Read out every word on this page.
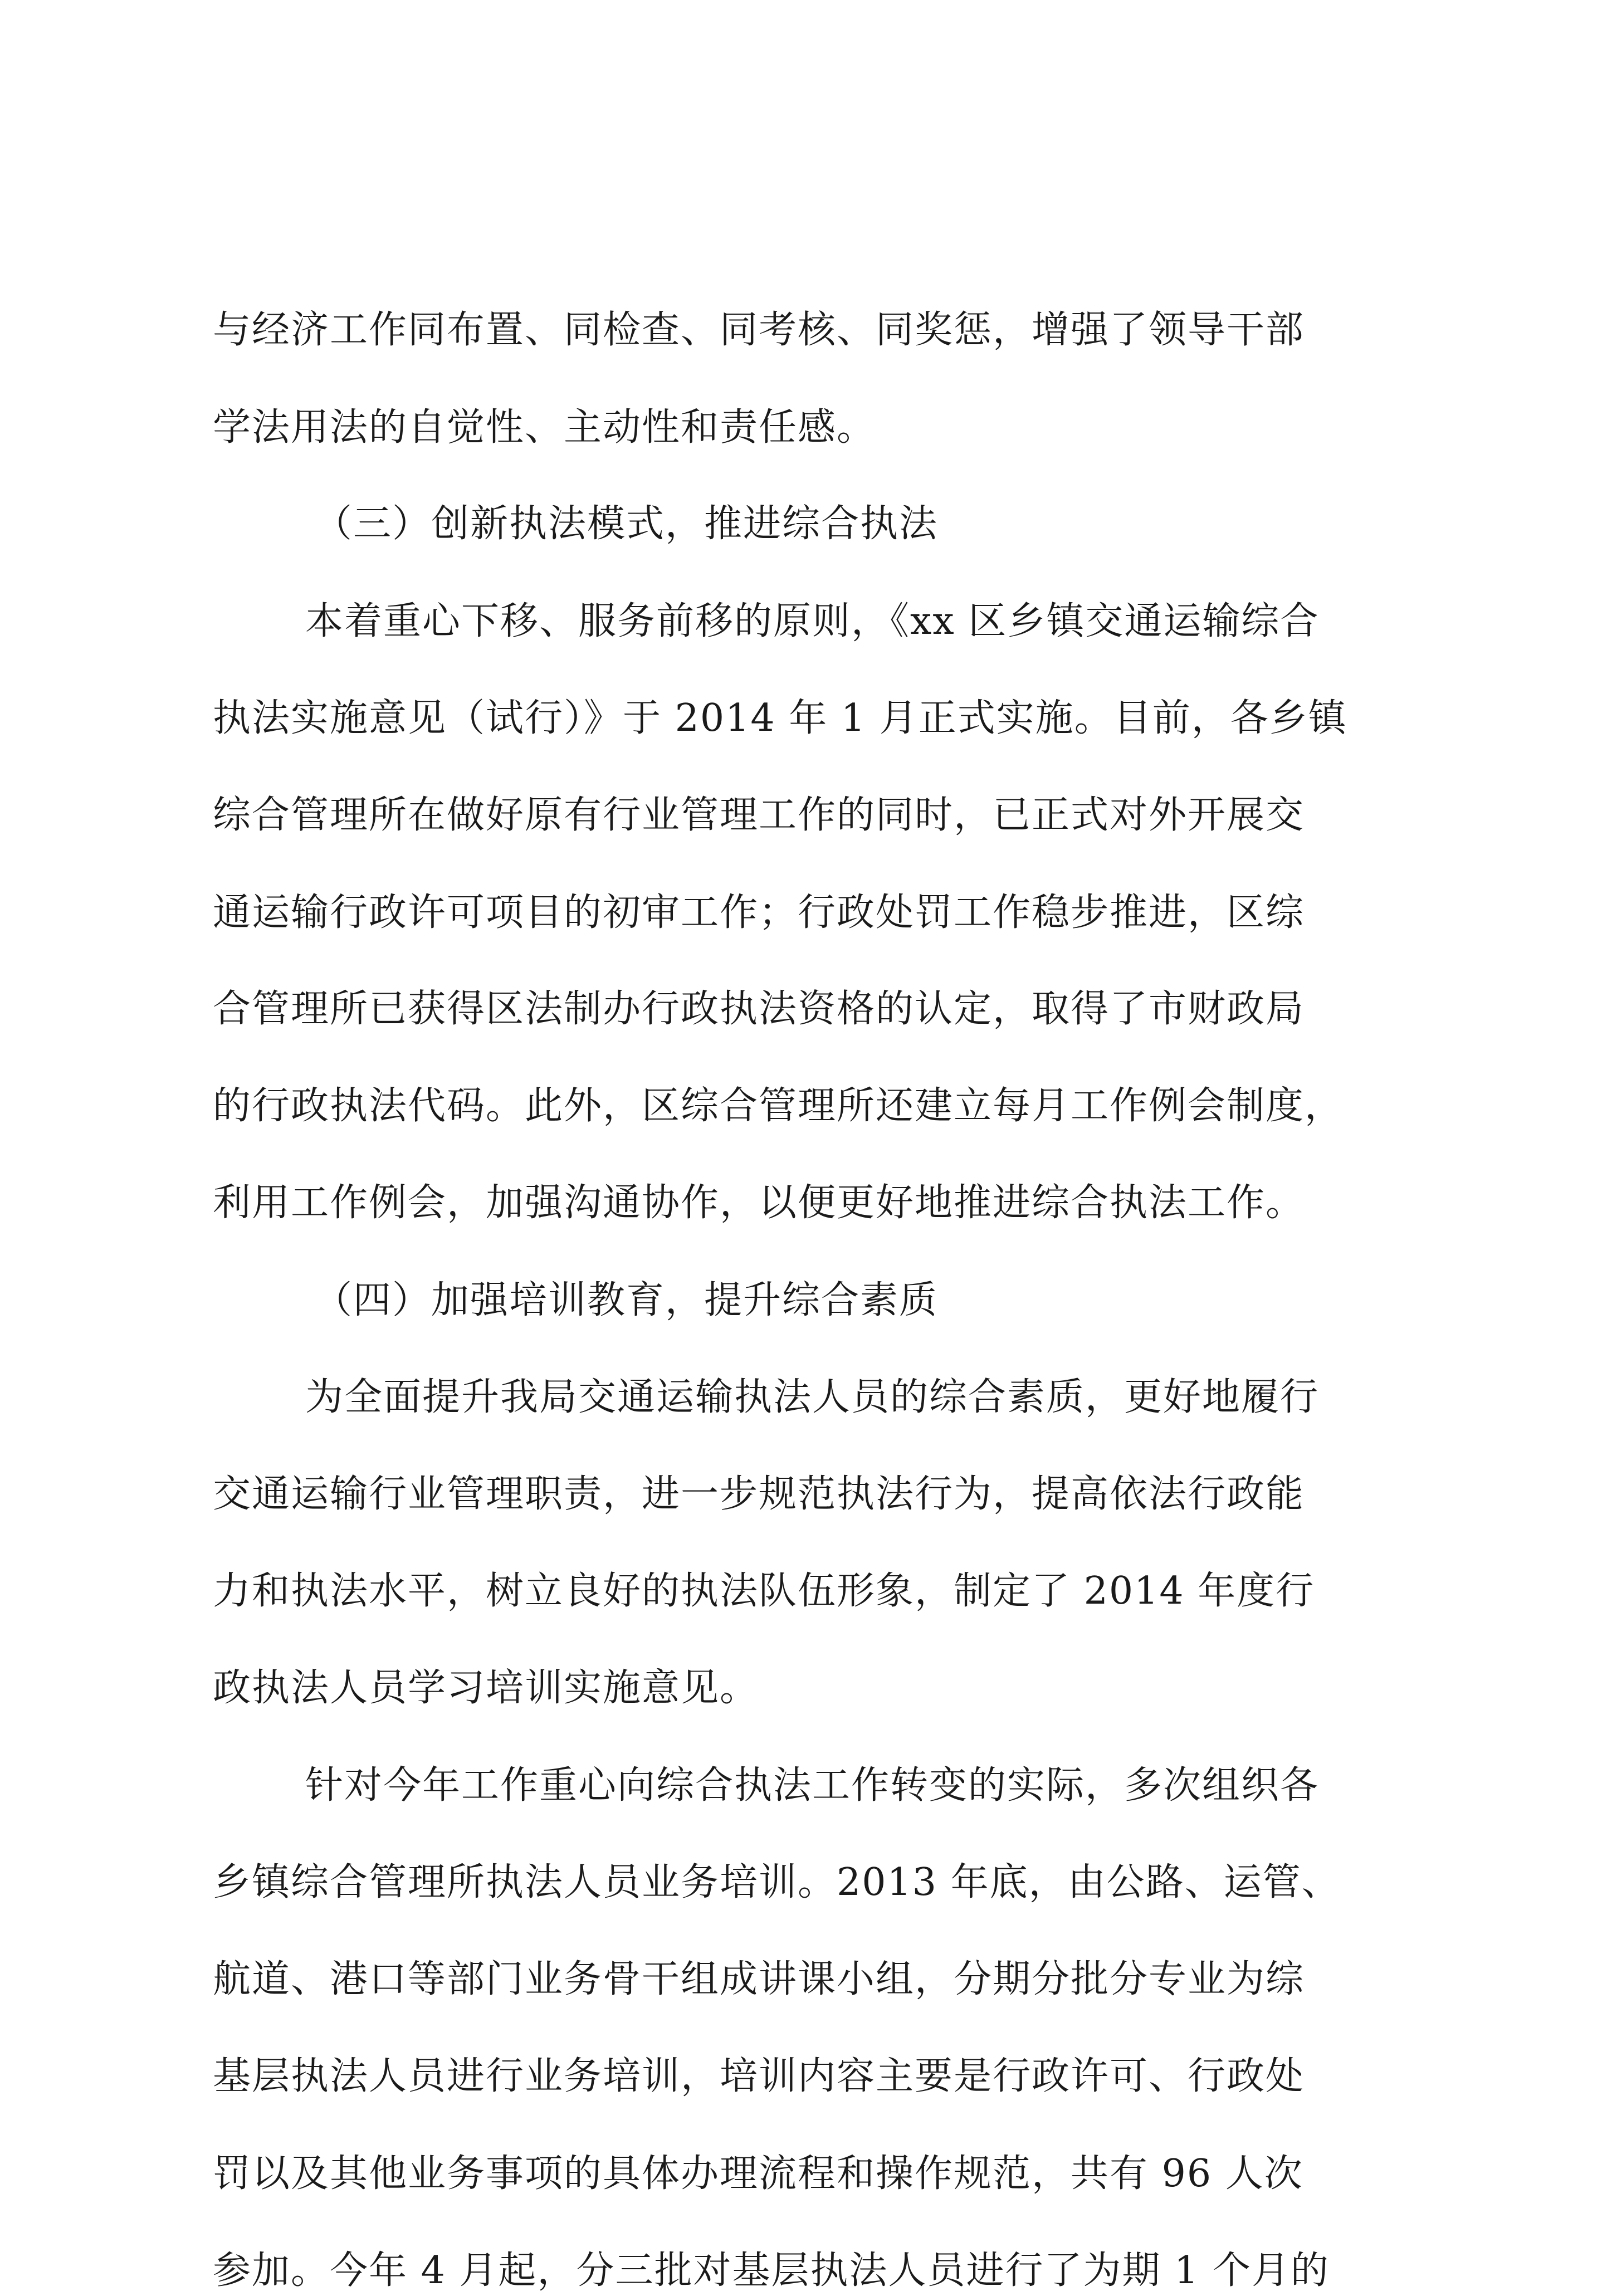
与经济工作同布置、同检查、同考核、同奖惩，增强了领导干部
学法用法的自觉性、主动性和责任感。
（三）创新执法模式，推进综合执法
本着重心下移、服务前移的原则，《xx 区乡镇交通运输综合
执法实施意见（试行）》于 2014 年 1 月正式实施。目前，各乡镇
综合管理所在做好原有行业管理工作的同时，已正式对外开展交
通运输行政许可项目的初审工作；行政处罚工作稳步推进，区综
合管理所已获得区法制办行政执法资格的认定，取得了市财政局
的行政执法代码。此外，区综合管理所还建立每月工作例会制度，
利用工作例会，加强沟通协作，以便更好地推进综合执法工作。
（四）加强培训教育，提升综合素质
为全面提升我局交通运输执法人员的综合素质，更好地履行
交通运输行业管理职责，进一步规范执法行为，提高依法行政能
力和执法水平，树立良好的执法队伍形象，制定了 2014 年度行
政执法人员学习培训实施意见。
针对今年工作重心向综合执法工作转变的实际，多次组织各
乡镇综合管理所执法人员业务培训。2013 年底，由公路、运管、
航道、港口等部门业务骨干组成讲课小组，分期分批分专业为综
基层执法人员进行业务培训，培训内容主要是行政许可、行政处
罚以及其他业务事项的具体办理流程和操作规范，共有 96 人次
参加。今年 4 月起，分三批对基层执法人员进行了为期 1 个月的
